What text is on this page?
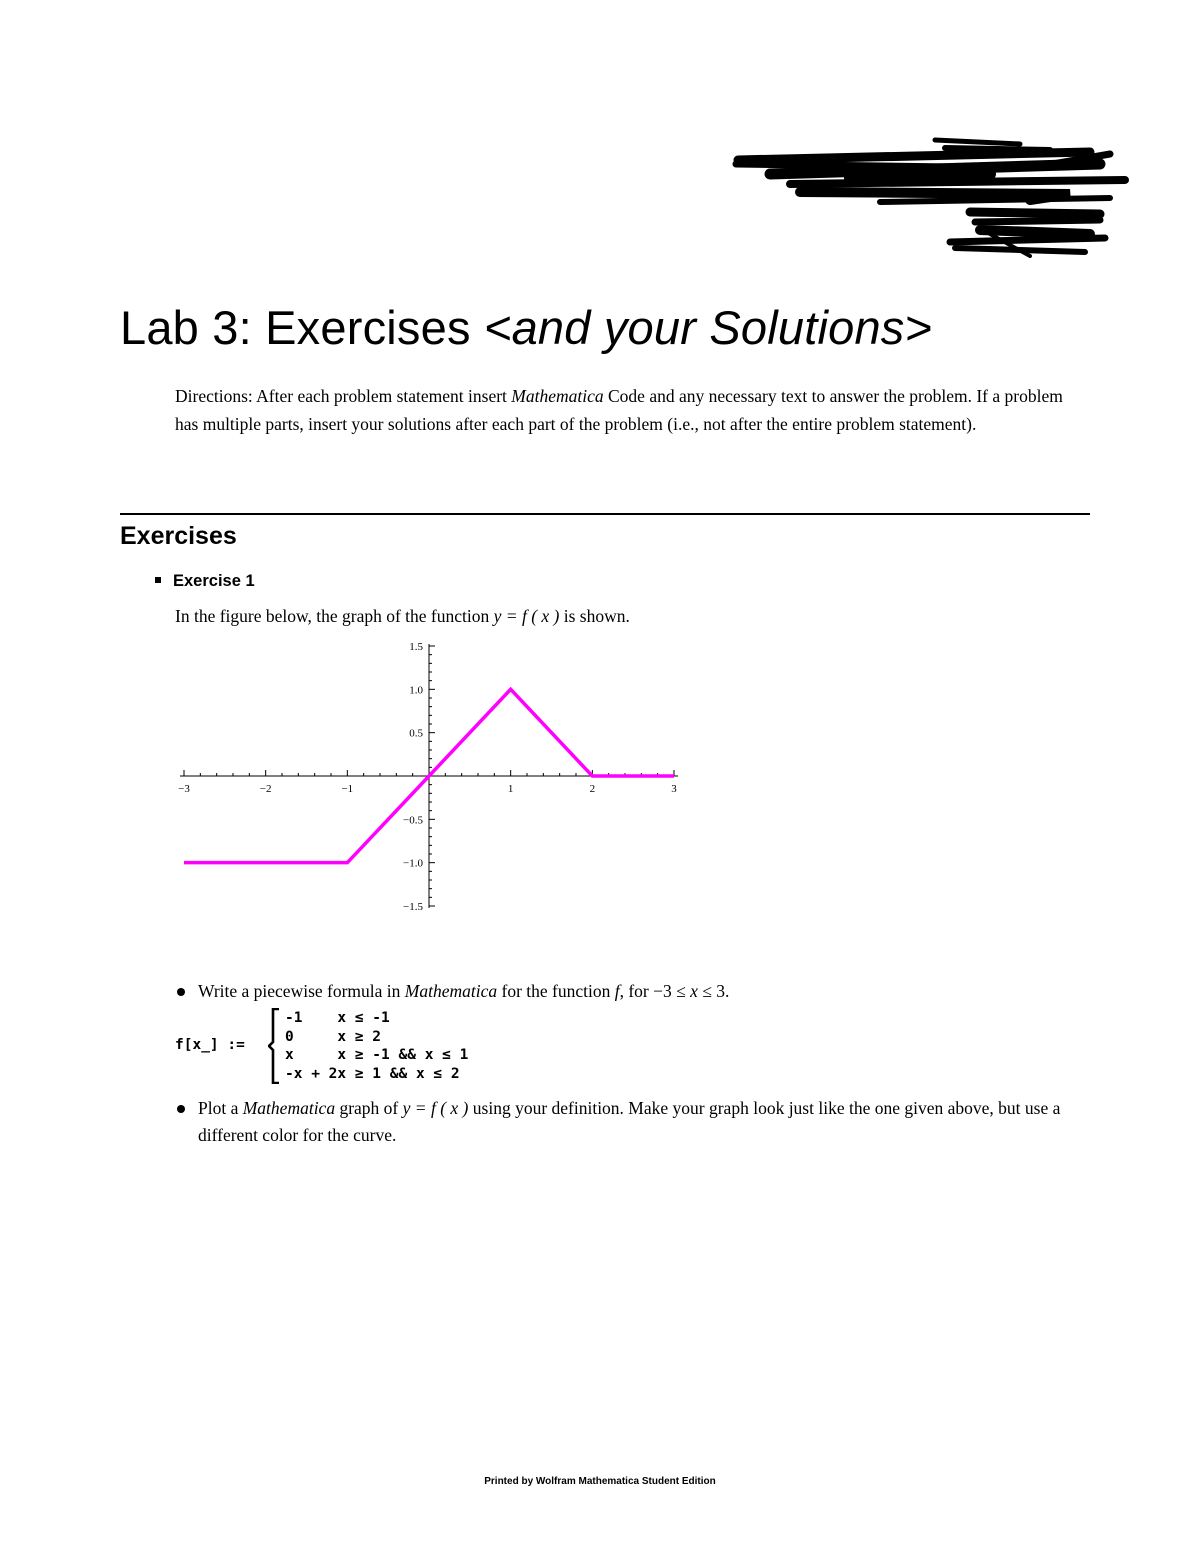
Lab 3: Exercises <and your Solutions>

Directions: After each problem statement insert Mathematica Code and any necessary text to answer the problem. If a problem has multiple parts, insert your solutions after each part of the problem (i.e., not after the entire problem statement).

Exercises
Exercise 1
In the figure below, the graph of the function y = f ( x ) is shown.
−3	−2	−1	1	2	3
1.5
1.0
0.5
−0.5
−1.0
−1.5
Write a piecewise formula in Mathematica for the function f, for −3 ≤ x ≤ 3.
f[x_] :=
-1	x ≤ -1
0	x ≥ 2
x	x ≥ -1 && x ≤ 1
-x + 2	x ≥ 1 && x ≤ 2
Plot a Mathematica graph of y = f ( x ) using your definition. Make your graph look just like the one given above, but use a different color for the curve.
Printed by Wolfram Mathematica Student Edition
